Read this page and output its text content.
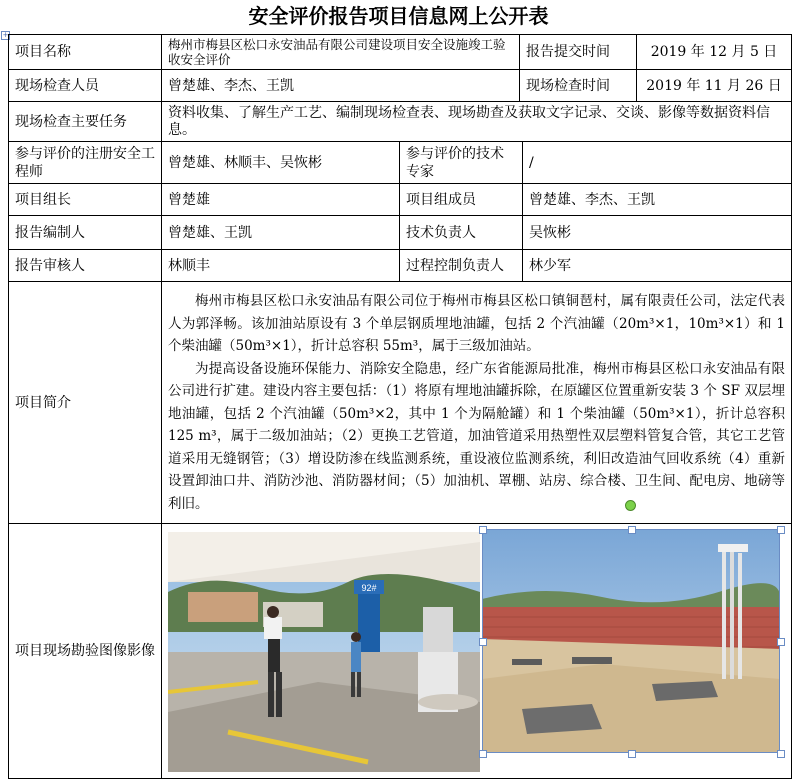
安全评价报告项目信息网上公开表
+
项目名称	梅州市梅县区松口永安油品有限公司建设项目安全设施竣工验收安全评价		报告提交时间 2019 年 12 月 5 日	

现场检查人员	曾楚雄、李杰、王凯		现场检查时间 2019 年 11 月 26 日	

现场检查主要任务	资料收集、了解生产工艺、编制现场检查表、现场勘查及获取文字记录、交谈、影像等数据资料信息。			
参与评价的注册安全工程师	曾楚雄、林顺丰、吴恢彬	参与评价的技术专家		/
项目组长	曾楚雄	项目组成员		曾楚雄、李杰、王凯
报告编制人	曾楚雄、王凯	技术负责人		吴恢彬
报告审核人	林顺丰	过程控制负责人		林少军
项目简介	梅州市梅县区松口永安油品有限公司位于梅州市梅县区松口镇铜琶村，属有限责任公司，法定代表人为郭泽畅。该加油站原设有 3 个单层钢质埋地油罐，包括 2 个汽油罐（20m³×1，10m³×1）和 1 个柴油罐（50m³×1），折计总容积 55m³，属于三级加油站。

为提高设备设施环保能力、消除安全隐患，经广东省能源局批准，梅州市梅县区松口永安油品有限公司进行扩建。建设内容主要包括：（1）将原有埋地油罐拆除，在原罐区位置重新安装 3 个 SF 双层埋地油罐，包括 2 个汽油罐（50m³×2，其中 1 个为隔舱罐）和 1 个柴油罐（50m³×1），折计总容积 125 m³，属于二级加油站；（2）更换工艺管道，加油管道采用热塑性双层塑料管复合管，其它工艺管道采用无缝钢管；（3）增设防渗在线监测系统，重设液位监测系统，利旧改造油气回收系统（4）重新设置卸油口井、消防沙池、消防器材间；（5）加油机、罩棚、站房、综合楼、卫生间、配电房、地磅等利旧。			

项目现场勘验图像影像	92#			
